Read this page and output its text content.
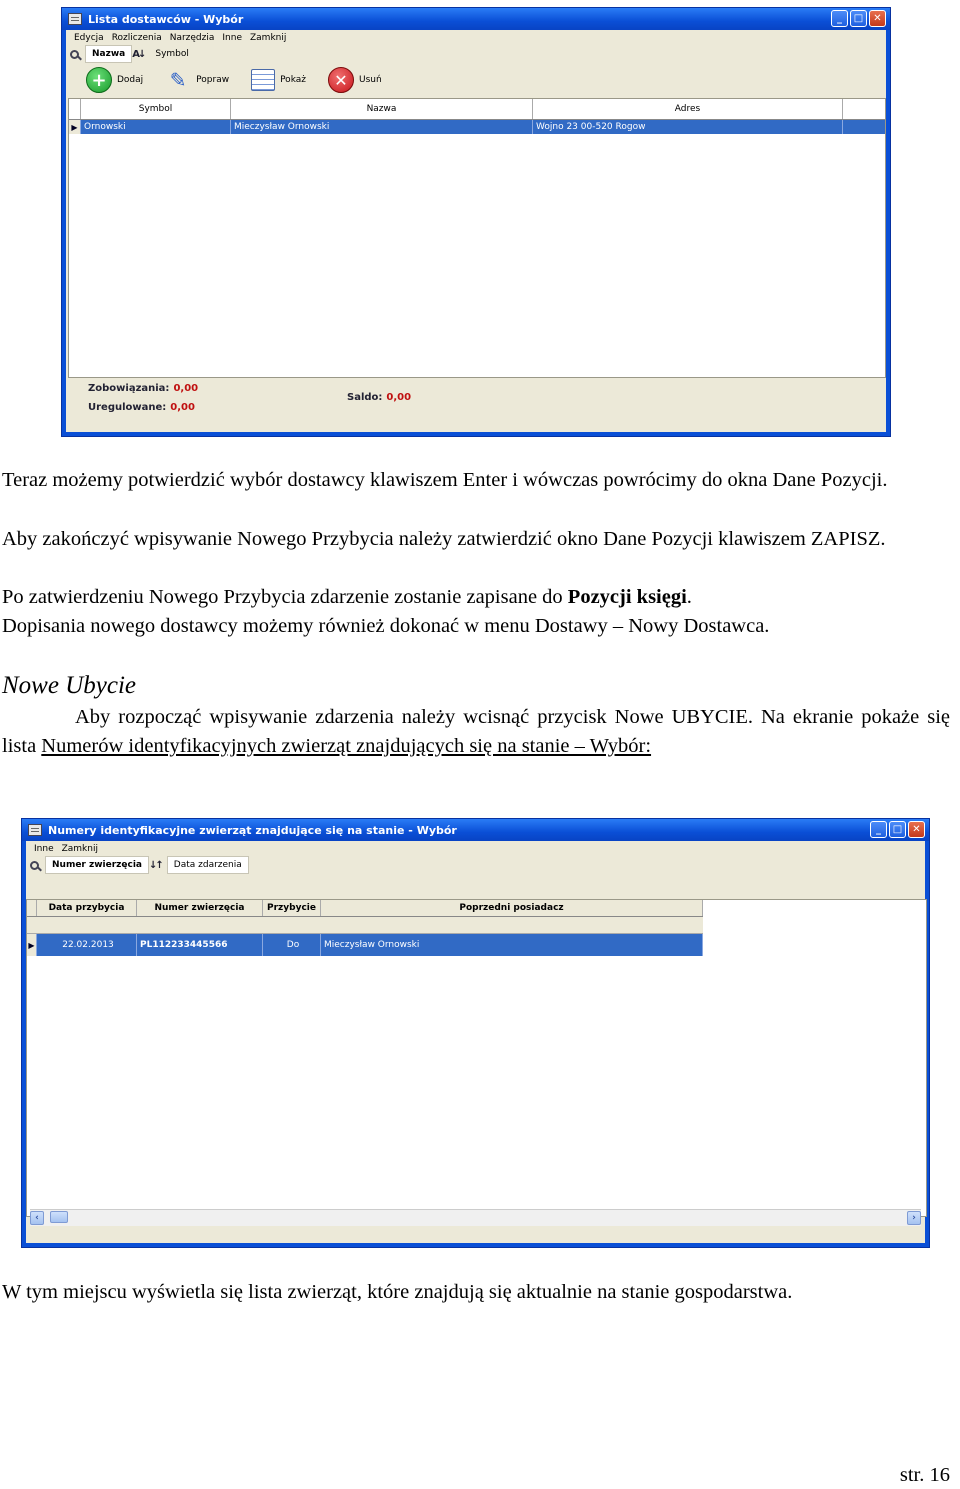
Lista dostawców - Wybór	_	□	✕
Edycja Rozliczenia Narzędzia Inne Zamknij
Nazwa A↓ Symbol
+	Dodaj ✎	Popraw	Pokaż	✕	Usuń
Symbol	Nazwa	Adres
▶ Ornowski	Mieczysław Ornowski	Wojno 23 00-520 Rogow
Zobowiązania: 0,00
Uregulowane: 0,00
Saldo: 0,00
Teraz możemy potwierdzić wybór dostawcy klawiszem Enter i wówczas powrócimy do okna Dane Pozycji.
Aby zakończyć wpisywanie Nowego Przybycia należy zatwierdzić okno Dane Pozycji klawiszem ZAPISZ.
Po zatwierdzeniu Nowego Przybycia zdarzenie zostanie zapisane do Pozycji księgi.
Dopisania nowego dostawcy możemy również dokonać w menu Dostawy – Nowy Dostawca.
Nowe Ubycie
Aby rozpocząć wpisywanie zdarzenia należy wcisnąć przycisk Nowe UBYCIE. Na ekranie pokaże się lista Numerów identyfikacyjnych zwierząt znajdujących się na stanie – Wybór:
Numery identyfikacyjne zwierząt znajdujące się na stanie - Wybór	_	□	✕
Inne Zamknij
Numer zwierzęcia ↓↑ Data zdarzenia
Data przybycia	Numer zwierzęcia	Przybycie	Poprzedni posiadacz
▶	22.02.2013	PL112233445566	Do	Mieczysław Ornowski
‹	›
W tym miejscu wyświetla się lista zwierząt, które znajdują się aktualnie na stanie gospodarstwa.
str. 16
